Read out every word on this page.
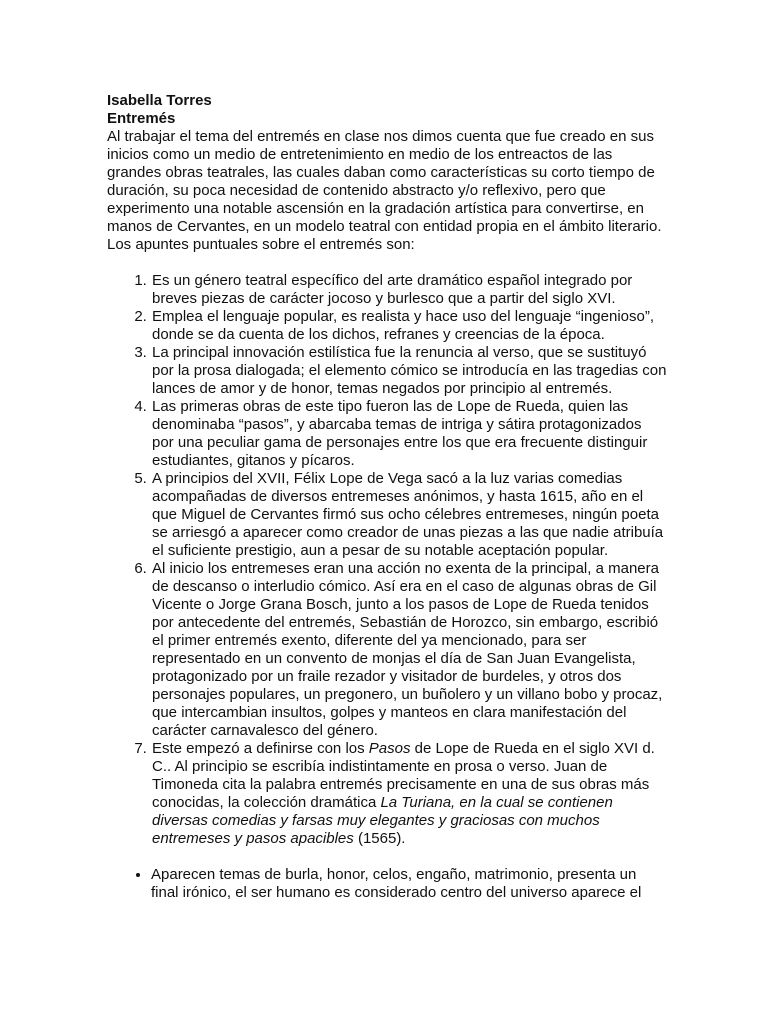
Isabella Torres

Entremés

Al trabajar el tema del entremés en clase nos dimos cuenta que fue creado en sus inicios como un medio de entretenimiento en medio de los entreactos de las grandes obras teatrales, las cuales daban como características su corto tiempo de duración, su poca necesidad de contenido abstracto y/o reflexivo, pero que experimento una notable ascensión en la gradación artística para convertirse, en manos de Cervantes, en un modelo teatral con entidad propia en el ámbito literario.

Los apuntes puntuales sobre el entremés son:

1. Es un género teatral específico del arte dramático español integrado por breves piezas de carácter jocoso y burlesco que a partir del siglo XVI.
2. Emplea el lenguaje popular, es realista y hace uso del lenguaje “ingenioso”, donde se da cuenta de los dichos, refranes y creencias de la época.
3. La principal innovación estilística fue la renuncia al verso, que se sustituyó por la prosa dialogada; el elemento cómico se introducía en las tragedias con lances de amor y de honor, temas negados por principio al entremés.
4. Las primeras obras de este tipo fueron las de Lope de Rueda, quien las denominaba “pasos”, y abarcaba temas de intriga y sátira protagonizados por una peculiar gama de personajes entre los que era frecuente distinguir estudiantes, gitanos y pícaros.
5. A principios del XVII, Félix Lope de Vega sacó a la luz varias comedias acompañadas de diversos entremeses anónimos, y hasta 1615, año en el que Miguel de Cervantes firmó sus ocho célebres entremeses, ningún poeta se arriesgó a aparecer como creador de unas piezas a las que nadie atribuía el suficiente prestigio, aun a pesar de su notable aceptación popular.
6. Al inicio los entremeses eran una acción no exenta de la principal, a manera de descanso o interludio cómico. Así era en el caso de algunas obras de Gil Vicente o Jorge Grana Bosch, junto a los pasos de Lope de Rueda tenidos por antecedente del entremés, Sebastián de Horozco, sin embargo, escribió el primer entremés exento, diferente del ya mencionado, para ser representado en un convento de monjas el día de San Juan Evangelista, protagonizado por un fraile rezador y visitador de burdeles, y otros dos personajes populares, un pregonero, un buñolero y un villano bobo y procaz, que intercambian insultos, golpes y manteos en clara manifestación del carácter carnavalesco del género.
7. Este empezó a definirse con los Pasos de Lope de Rueda en el siglo XVI d. C.. Al principio se escribía indistintamente en prosa o verso. Juan de Timoneda cita la palabra entremés precisamente en una de sus obras más conocidas, la colección dramática La Turiana, en la cual se contienen diversas comedias y farsas muy elegantes y graciosas con muchos entremeses y pasos apacibles (1565).
• Aparecen temas de burla, honor, celos, engaño, matrimonio, presenta un final irónico, el ser humano es considerado centro del universo aparece el
